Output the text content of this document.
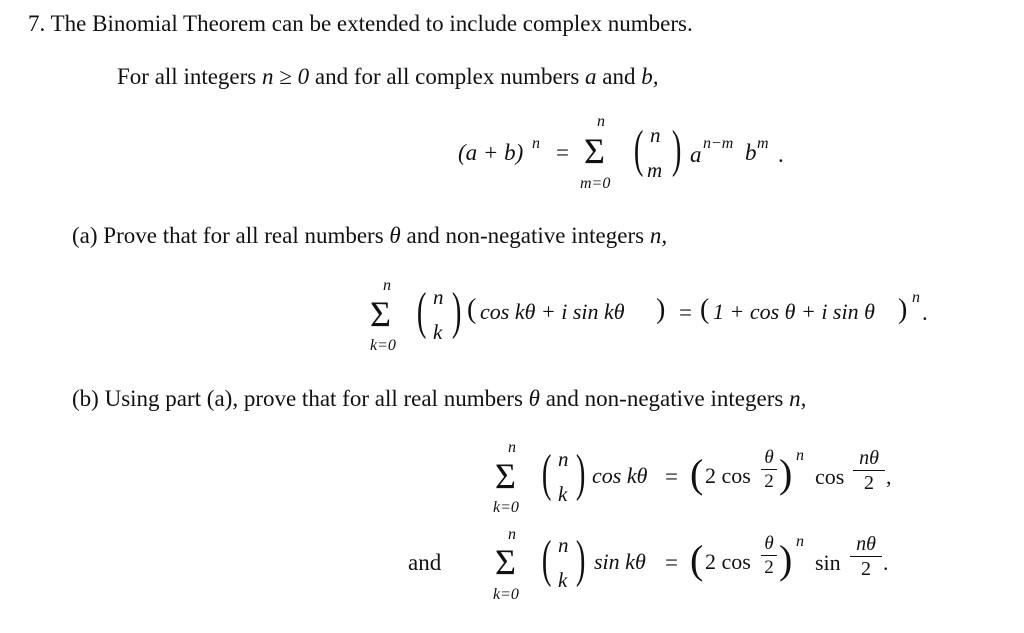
7. The Binomial Theorem can be extended to include complex numbers.
For all integers n ≥ 0 and for all complex numbers a and b,
(a + b) n =
n
Σ
m=0
( n
m ) a n−m b m .
(a) Prove that for all real numbers θ and non-negative integers n,
n
Σ
k=0
( n
k ) ( cos kθ + i sin kθ ) = ( 1 + cos θ + i sin θ ) n
.
(b) Using part (a), prove that for all real numbers θ and non-negative integers n,
n
Σ
k=0
( n
k ) cos kθ = ( 2 cos
θ
2 ) n
cos
nθ
2 ,
and
n
Σ
k=0
( n
k ) sin kθ = ( 2 cos
θ
2 ) n
sin
nθ
2 .
